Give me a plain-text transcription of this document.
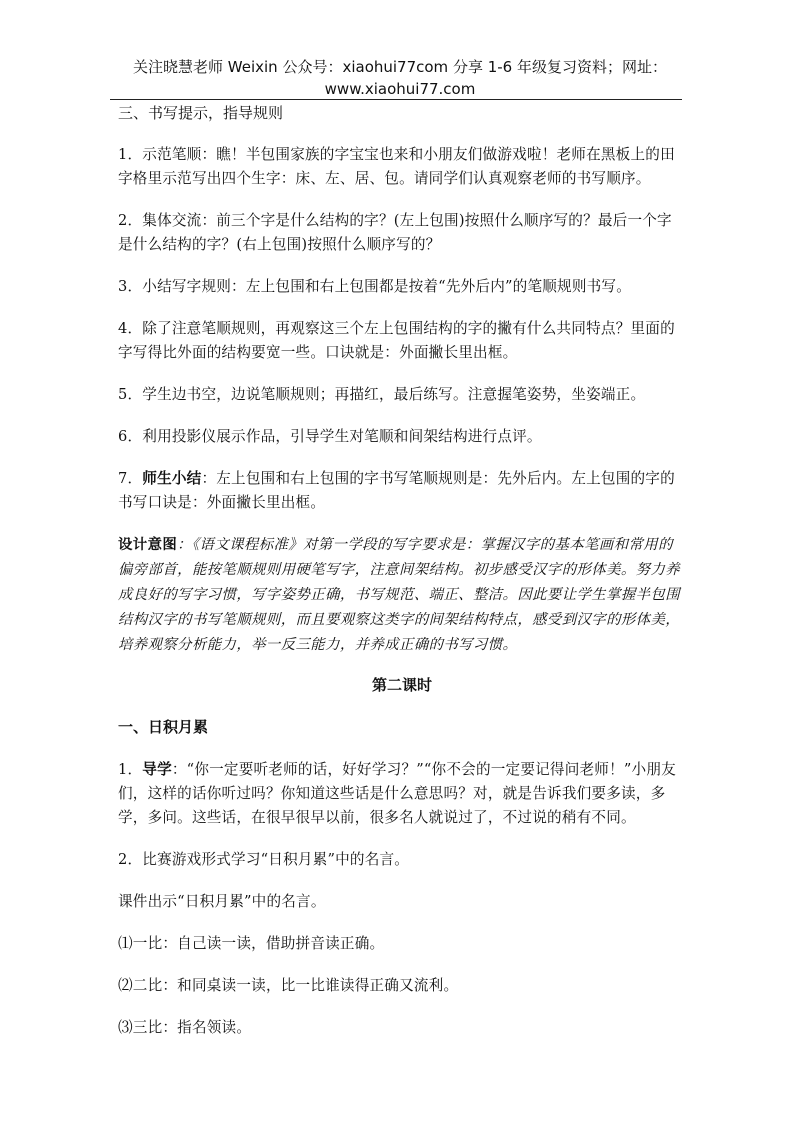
关注晓慧老师 Weixin 公众号：xiaohui77com 分享 1-6 年级复习资料；网址：
www.xiaohui77.com
三、书写提示，指导规则

1．示范笔顺：瞧！半包围家族的字宝宝也来和小朋友们做游戏啦！老师在黑板上的田字格里示范写出四个生字：床、左、居、包。请同学们认真观察老师的书写顺序。

2．集体交流：前三个字是什么结构的字？(左上包围)按照什么顺序写的？最后一个字是什么结构的字？(右上包围)按照什么顺序写的？

3．小结写字规则：左上包围和右上包围都是按着“先外后内”的笔顺规则书写。

4．除了注意笔顺规则，再观察这三个左上包围结构的字的撇有什么共同特点？里面的字写得比外面的结构要宽一些。口诀就是：外面撇长里出框。

5．学生边书空，边说笔顺规则；再描红，最后练写。注意握笔姿势，坐姿端正。

6．利用投影仪展示作品，引导学生对笔顺和间架结构进行点评。

7．师生小结：左上包围和右上包围的字书写笔顺规则是：先外后内。左上包围的字的书写口诀是：外面撇长里出框。

设计意图：《语文课程标准》对第一学段的写字要求是：掌握汉字的基本笔画和常用的偏旁部首，能按笔顺规则用硬笔写字，注意间架结构。初步感受汉字的形体美。努力养成良好的写字习惯，写字姿势正确，书写规范、端正、整洁。因此要让学生掌握半包围结构汉字的书写笔顺规则，而且要观察这类字的间架结构特点，感受到汉字的形体美，培养观察分析能力，举一反三能力，并养成正确的书写习惯。

第二课时
一、日积月累

1．导学：“你一定要听老师的话，好好学习？”“你不会的一定要记得问老师！”小朋友们，这样的话你听过吗？你知道这些话是什么意思吗？对，就是告诉我们要多读，多学，多问。这些话，在很早很早以前，很多名人就说过了，不过说的稍有不同。

2．比赛游戏形式学习“日积月累”中的名言。

课件出示“日积月累”中的名言。

⑴一比：自己读一读，借助拼音读正确。

⑵二比：和同桌读一读，比一比谁读得正确又流利。

⑶三比：指名领读。
